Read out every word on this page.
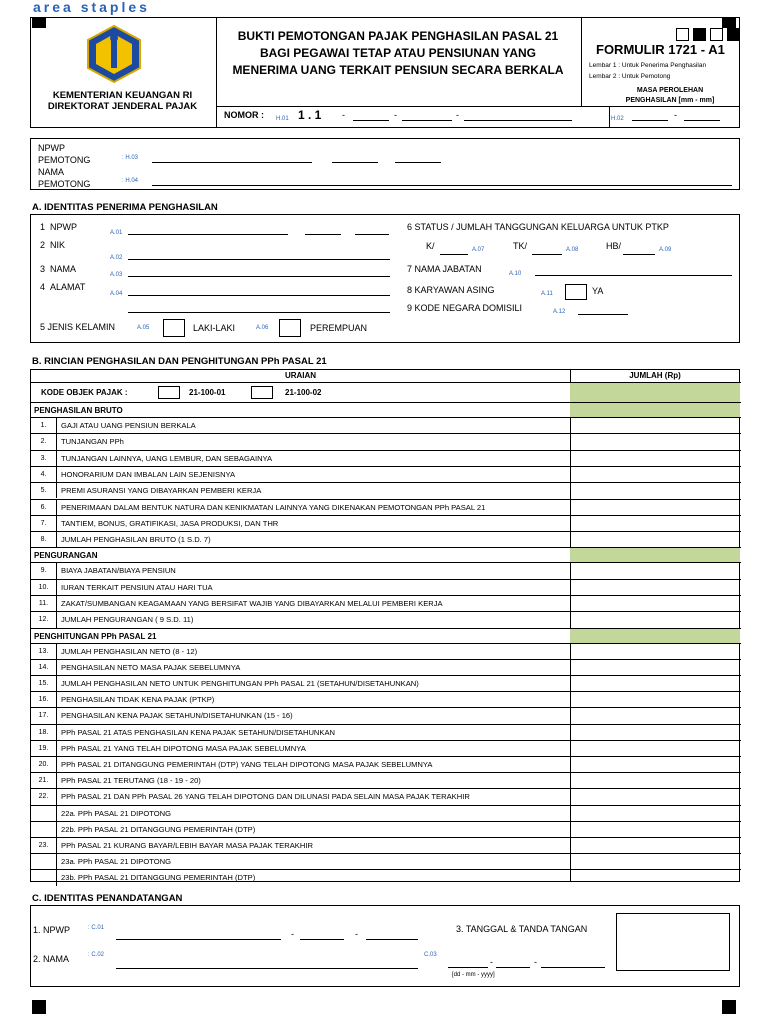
area staples
KEMENTERIAN KEUANGAN RI
DIREKTORAT JENDERAL PAJAK
BUKTI PEMOTONGAN PAJAK PENGHASILAN PASAL 21
BAGI PEGAWAI TETAP ATAU PENSIUNAN YANG
MENERIMA UANG TERKAIT PENSIUN SECARA BERKALA
FORMULIR 1721 - A1
Lembar 1 : Untuk Penerima Penghasilan
Lembar 2 : Untuk Pemotong
MASA PEROLEHAN
PENGHASILAN [mm - mm]
NOMOR : H.01 1 . 1 -	-	-	H.02	-
NPWP
PEMOTONG
NAMA
PEMOTONG
: H.03
: H.04
A. IDENTITAS PENERIMA PENGHASILAN
1 NPWP
A.01
2 NIK
A.02
3 NAMA
A.03
4 ALAMAT
A.04
5 JENIS KELAMIN	A.05	LAKI-LAKI	A.06	PEREMPUAN
6 STATUS / JUMLAH TANGGUNGAN KELUARGA UNTUK PTKP
K/	A.07	TK/	A.08	HB/	A.09
7 NAMA JABATAN	A.10
8 KARYAWAN ASING	A.11	YA
9 KODE NEGARA DOMISILI	A.12
B. RINCIAN PENGHASILAN DAN PENGHITUNGAN PPh PASAL 21
URAIAN	JUMLAH (Rp)
KODE OBJEK PAJAK :	21-100-01	21-100-02
PENGHASILAN BRUTO
1.	GAJI ATAU UANG PENSIUN BERKALA
2.	TUNJANGAN PPh
3.	TUNJANGAN LAINNYA, UANG LEMBUR, DAN SEBAGAINYA
4.	HONORARIUM DAN IMBALAN LAIN SEJENISNYA
5.	PREMI ASURANSI YANG DIBAYARKAN PEMBERI KERJA
6.	PENERIMAAN DALAM BENTUK NATURA DAN KENIKMATAN LAINNYA YANG DIKENAKAN PEMOTONGAN PPh PASAL 21
7.	TANTIEM, BONUS, GRATIFIKASI, JASA PRODUKSI, DAN THR
8.	JUMLAH PENGHASILAN BRUTO (1 S.D. 7)
PENGURANGAN
9.	BIAYA JABATAN/BIAYA PENSIUN
10.	IURAN TERKAIT PENSIUN ATAU HARI TUA
11.	ZAKAT/SUMBANGAN KEAGAMAAN YANG BERSIFAT WAJIB YANG DIBAYARKAN MELALUI PEMBERI KERJA
12.	JUMLAH PENGURANGAN ( 9 S.D. 11)
PENGHITUNGAN PPh PASAL 21
13.	JUMLAH PENGHASILAN NETO (8 - 12)
14.	PENGHASILAN NETO MASA PAJAK SEBELUMNYA
15.	JUMLAH PENGHASILAN NETO UNTUK PENGHITUNGAN PPh PASAL 21 (SETAHUN/DISETAHUNKAN)
16.	PENGHASILAN TIDAK KENA PAJAK (PTKP)
17.	PENGHASILAN KENA PAJAK SETAHUN/DISETAHUNKAN (15 - 16)
18.	PPh PASAL 21 ATAS PENGHASILAN KENA PAJAK SETAHUN/DISETAHUNKAN
19.	PPh PASAL 21 YANG TELAH DIPOTONG MASA PAJAK SEBELUMNYA
20.	PPh PASAL 21 DITANGGUNG PEMERINTAH (DTP) YANG TELAH DIPOTONG MASA PAJAK SEBELUMNYA
21.	PPh PASAL 21 TERUTANG (18 - 19 - 20)
22.	PPh PASAL 21 DAN PPh PASAL 26 YANG TELAH DIPOTONG DAN DILUNASI PADA SELAIN MASA PAJAK TERAKHIR
22a. PPh PASAL 21 DIPOTONG
22b. PPh PASAL 21 DITANGGUNG PEMERINTAH (DTP)
23.	PPh PASAL 21 KURANG BAYAR/LEBIH BAYAR MASA PAJAK TERAKHIR
23a. PPh PASAL 21 DIPOTONG
23b. PPh PASAL 21 DITANGGUNG PEMERINTAH (DTP)
C. IDENTITAS PENANDATANGAN
1. NPWP	: C.01
-	-
2. NAMA	: C.02
3. TANGGAL & TANDA TANGAN
C.03
-	-
[dd - mm - yyyy]
